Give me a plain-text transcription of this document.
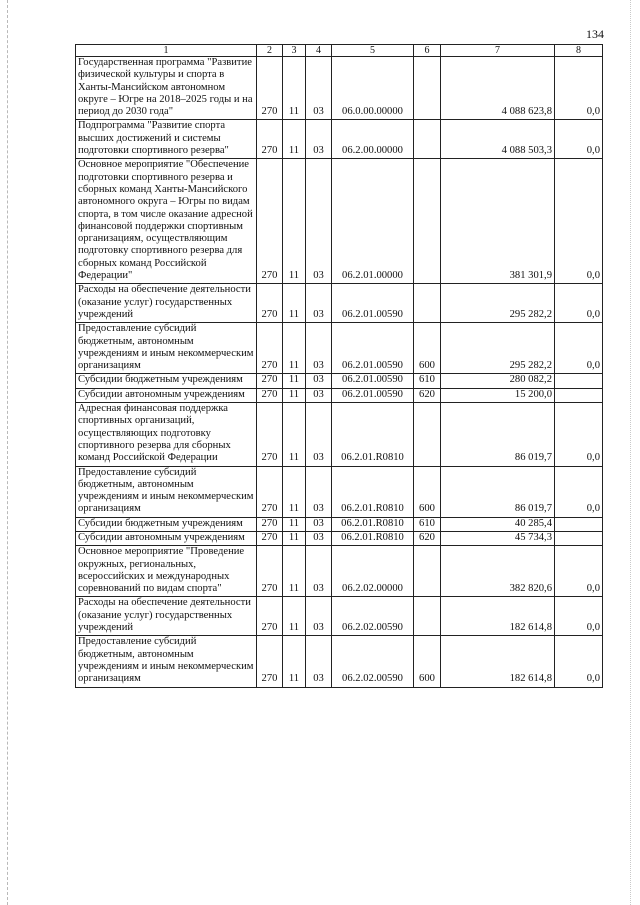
134
1	2	3	4	5	6	7	8
Государственная программа "Развитие физической культуры и спорта в Ханты-Мансийском автономном округе – Югре на 2018–2025 годы и на период до 2030 года"	270	11	03	06.0.00.00000		4 088 623,8	0,0
Подпрограмма "Развитие спорта высших достижений и системы подготовки спортивного резерва"	270	11	03	06.2.00.00000		4 088 503,3	0,0
Основное мероприятие "Обеспечение подготовки спортивного резерва и сборных команд Ханты-Мансийского автономного округа – Югры по видам спорта, в том числе оказание адресной финансовой поддержки спортивным организациям, осуществляющим подготовку спортивного резерва для сборных команд Российской Федерации"	270	11	03	06.2.01.00000		381 301,9	0,0
Расходы на обеспечение деятельности (оказание услуг) государственных учреждений	270	11	03	06.2.01.00590		295 282,2	0,0
Предоставление субсидий бюджетным, автономным учреждениям и иным некоммерческим организациям	270	11	03	06.2.01.00590	600	295 282,2	0,0
Субсидии бюджетным учреждениям	270	11	03	06.2.01.00590	610	280 082,2	
Субсидии автономным учреждениям	270	11	03	06.2.01.00590	620	15 200,0	
Адресная финансовая поддержка спортивных организаций, осуществляющих подготовку спортивного резерва для сборных команд Российской Федерации	270	11	03	06.2.01.R0810		86 019,7	0,0
Предоставление субсидий бюджетным, автономным учреждениям и иным некоммерческим организациям	270	11	03	06.2.01.R0810	600	86 019,7	0,0
Субсидии бюджетным учреждениям	270	11	03	06.2.01.R0810	610	40 285,4	
Субсидии автономным учреждениям	270	11	03	06.2.01.R0810	620	45 734,3	
Основное мероприятие "Проведение окружных, региональных, всероссийских и международных соревнований по видам спорта"	270	11	03	06.2.02.00000		382 820,6	0,0
Расходы на обеспечение деятельности (оказание услуг) государственных учреждений	270	11	03	06.2.02.00590		182 614,8	0,0
Предоставление субсидий бюджетным, автономным учреждениям и иным некоммерческим организациям	270	11	03	06.2.02.00590	600	182 614,8	0,0
